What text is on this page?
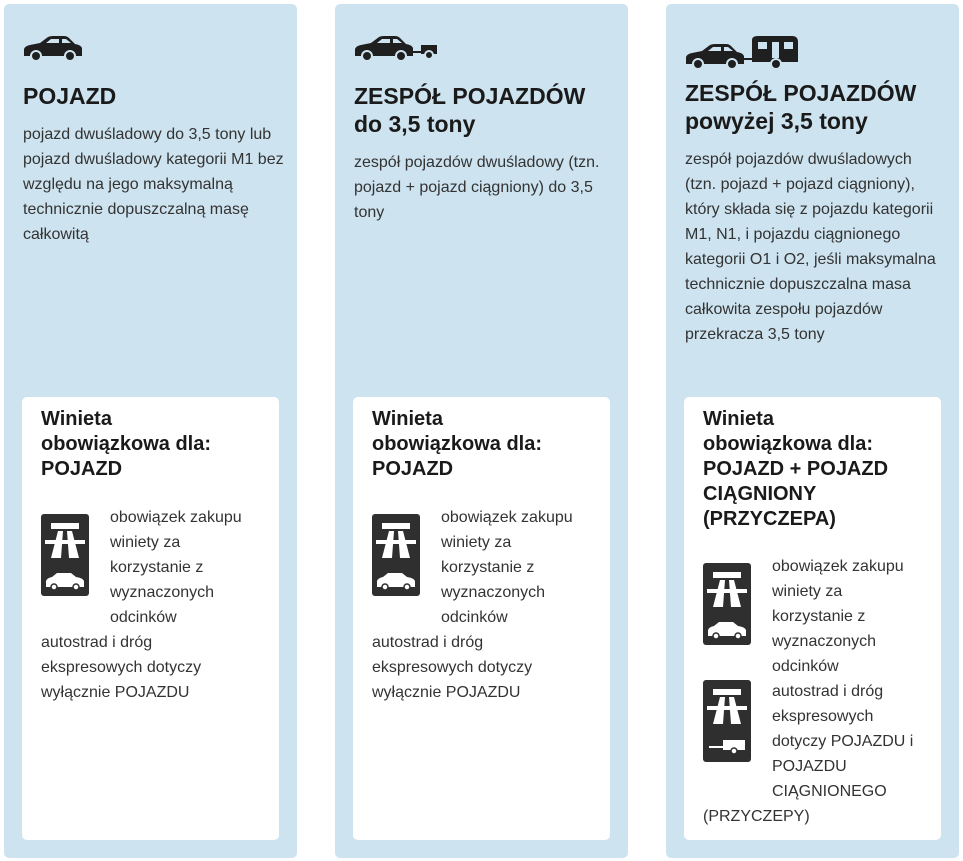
POJAZD
pojazd dwuśladowy do 3,5 tony lub pojazd dwuśladowy kategorii M1 bez względu na jego maksymalną technicznie dopuszczalną masę całkowitą
Winieta
obowiązkowa dla:
POJAZD
obowiązek zakupu
winiety za
korzystanie z
wyznaczonych
odcinków
autostrad i dróg
ekspresowych dotyczy
wyłącznie POJAZDU
ZESPÓŁ POJAZDÓW
do 3,5 tony
zespół pojazdów dwuśladowy (tzn. pojazd + pojazd ciągniony) do 3,5 tony
Winieta
obowiązkowa dla:
POJAZD
obowiązek zakupu
winiety za
korzystanie z
wyznaczonych
odcinków
autostrad i dróg
ekspresowych dotyczy
wyłącznie POJAZDU
ZESPÓŁ POJAZDÓW
powyżej 3,5 tony
zespół pojazdów dwuśladowych (tzn. pojazd + pojazd ciągniony), który składa się z pojazdu kategorii M1, N1, i pojazdu ciągnionego kategorii O1 i O2, jeśli maksymalna technicznie dopuszczalna masa całkowita zespołu pojazdów przekracza 3,5 tony
Winieta
obowiązkowa dla:
POJAZD + POJAZD
CIĄGNIONY
(PRZYCZEPA)
obowiązek zakupu
winiety za
korzystanie z
wyznaczonych
odcinków
autostrad i dróg
ekspresowych
dotyczy POJAZDU i
POJAZDU
CIĄGNIONEGO
(PRZYCZEPY)
